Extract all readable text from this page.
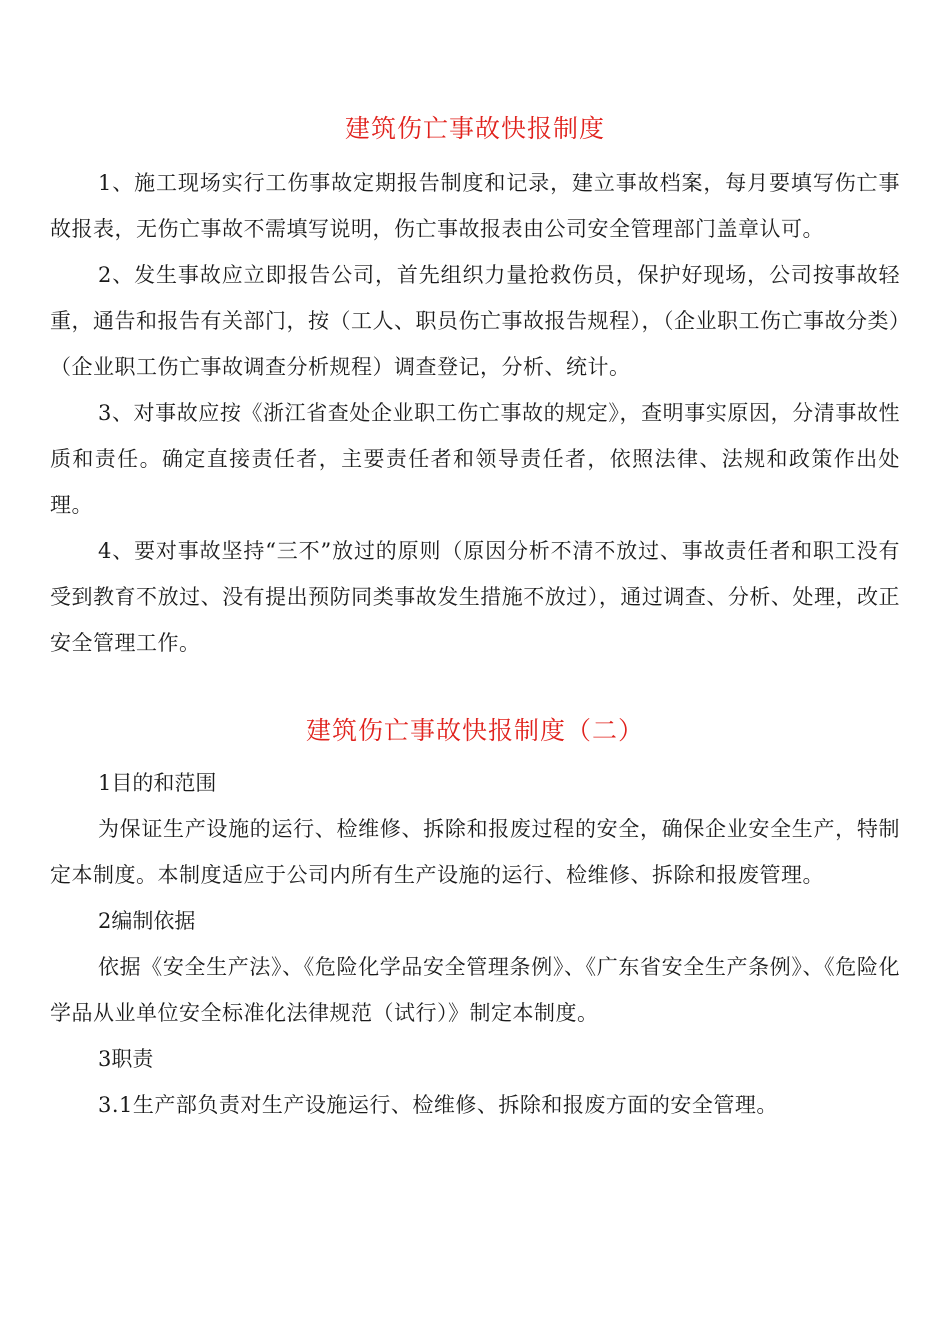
建筑伤亡事故快报制度

1、施工现场实行工伤事故定期报告制度和记录，建立事故档案，每月要填写伤亡事故报表，无伤亡事故不需填写说明，伤亡事故报表由公司安全管理部门盖章认可。

2、发生事故应立即报告公司，首先组织力量抢救伤员，保护好现场，公司按事故轻重，通告和报告有关部门，按（工人、职员伤亡事故报告规程），（企业职工伤亡事故分类）（企业职工伤亡事故调查分析规程）调查登记，分析、统计。

3、对事故应按《浙江省查处企业职工伤亡事故的规定》，查明事实原因，分清事故性质和责任。确定直接责任者，主要责任者和领导责任者，依照法律、法规和政策作出处理。

4、要对事故坚持“三不”放过的原则（原因分析不清不放过、事故责任者和职工没有受到教育不放过、没有提出预防同类事故发生措施不放过），通过调查、分析、处理，改正安全管理工作。

建筑伤亡事故快报制度（二）

1目的和范围

为保证生产设施的运行、检维修、拆除和报废过程的安全，确保企业安全生产，特制定本制度。本制度适应于公司内所有生产设施的运行、检维修、拆除和报废管理。

2编制依据

依据《安全生产法》、《危险化学品安全管理条例》、《广东省安全生产条例》、《危险化学品从业单位安全标准化法律规范（试行）》制定本制度。

3职责

3.1生产部负责对生产设施运行、检维修、拆除和报废方面的安全管理。
